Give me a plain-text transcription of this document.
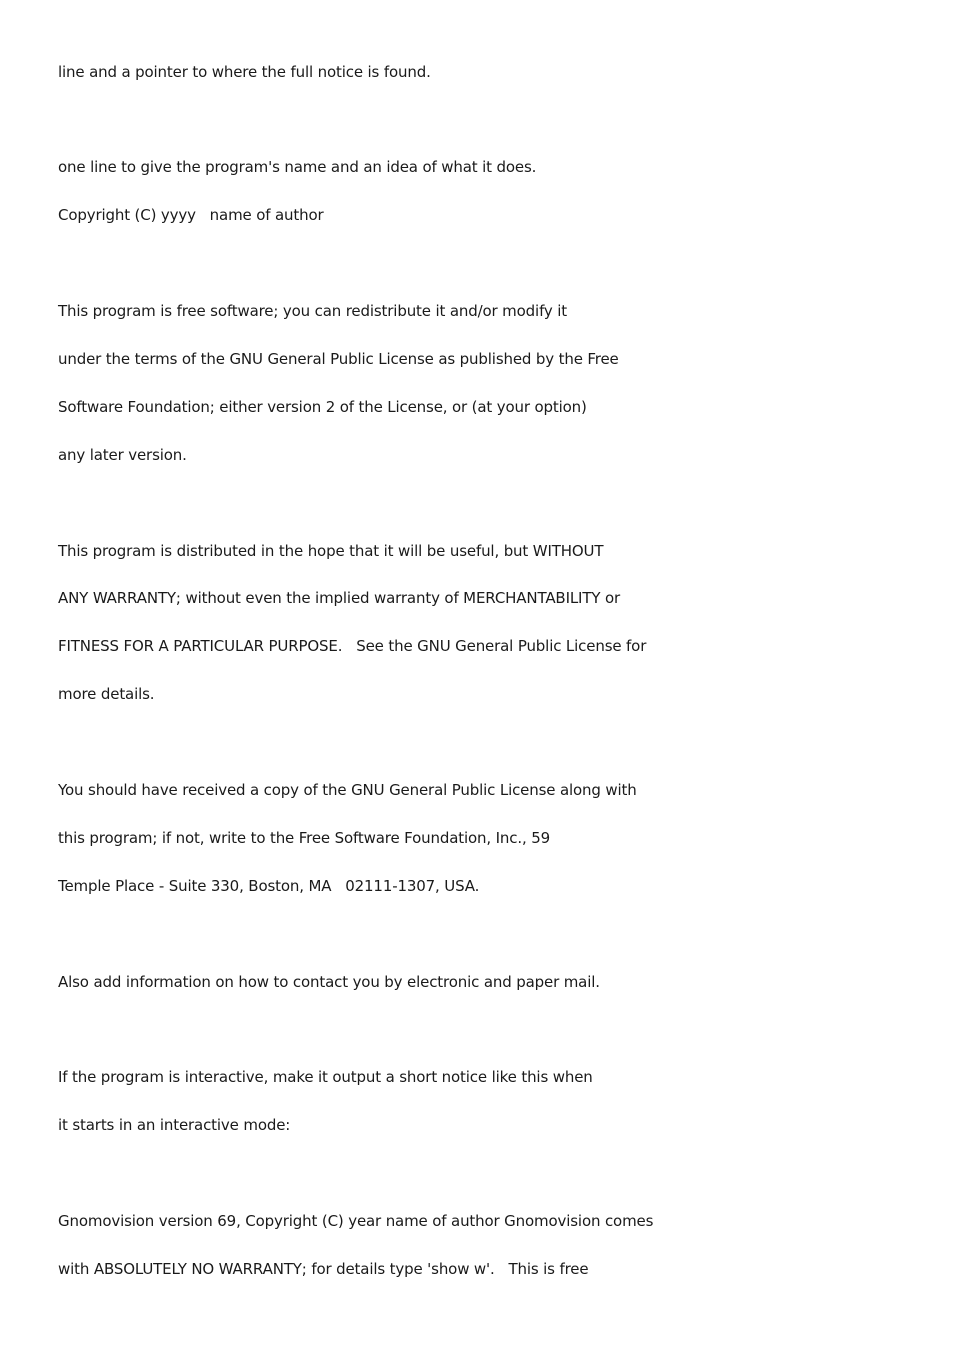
line and a pointer to where the full notice is found.
one line to give the program's name and an idea of what it does.
Copyright (C) yyyy   name of author
This program is free software; you can redistribute it and/or modify it
under the terms of the GNU General Public License as published by the Free
Software Foundation; either version 2 of the License, or (at your option)
any later version.
This program is distributed in the hope that it will be useful, but WITHOUT
ANY WARRANTY; without even the implied warranty of MERCHANTABILITY or
FITNESS FOR A PARTICULAR PURPOSE.   See the GNU General Public License for
more details.
You should have received a copy of the GNU General Public License along with
this program; if not, write to the Free Software Foundation, Inc., 59
Temple Place - Suite 330, Boston, MA   02111-1307, USA.
Also add information on how to contact you by electronic and paper mail.
If the program is interactive, make it output a short notice like this when
it starts in an interactive mode:
Gnomovision version 69, Copyright (C) year name of author Gnomovision comes
with ABSOLUTELY NO WARRANTY; for details type 'show w'.   This is free
